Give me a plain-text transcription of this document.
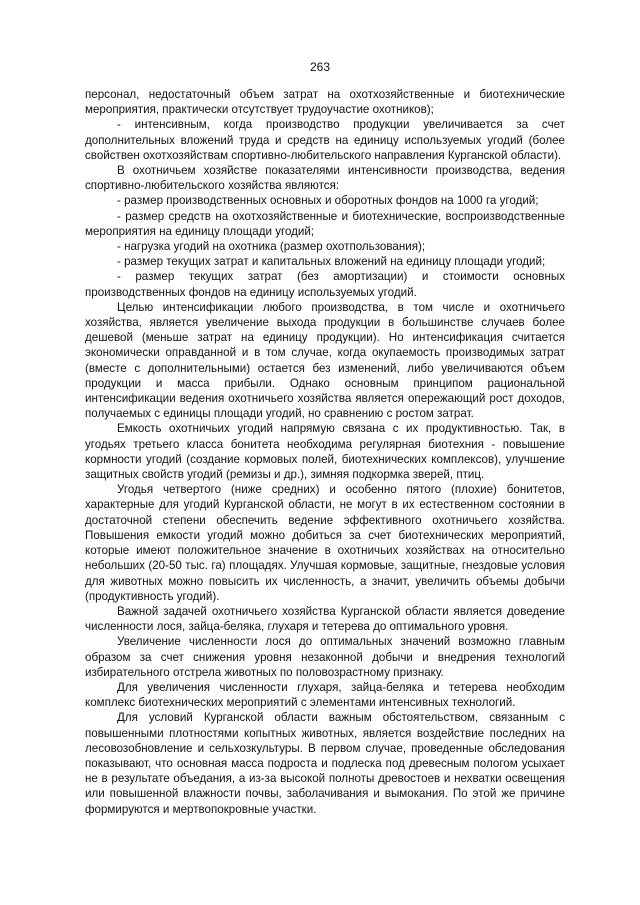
263

персонал, недостаточный объем затрат на охотхозяйственные и биотехнические мероприятия, практически отсутствует трудоучастие охотников);

- интенсивным, когда производство продукции увеличивается за счет дополнительных вложений труда и средств на единицу используемых угодий (более свойствен охотхозяйствам спортивно-любительского направления Курганской области).

В охотничьем хозяйстве показателями интенсивности производства, ведения спортивно-любительского хозяйства являются:

- размер производственных основных и оборотных фондов на 1000 га угодий;

- размер средств на охотхозяйственные и биотехнические, воспроизводственные мероприятия на единицу площади угодий;

- нагрузка угодий на охотника (размер охотпользования);

- размер текущих затрат и капитальных вложений на единицу площади угодий;

- размер текущих затрат (без амортизации) и стоимости основных производственных фондов на единицу используемых угодий.

Целью интенсификации любого производства, в том числе и охотничьего хозяйства, является увеличение выхода продукции в большинстве случаев более дешевой (меньше затрат на единицу продукции). Но интенсификация считается экономически оправданной и в том случае, когда окупаемость производимых затрат (вместе с дополнительными) остается без изменений, либо увеличиваются объем продукции и масса прибыли. Однако основным принципом рациональной интенсификации ведения охотничьего хозяйства является опережающий рост доходов, получаемых с единицы площади угодий, но сравнению с ростом затрат.

Емкость охотничьих угодий напрямую связана с их продуктивностью. Так, в угодьях третьего класса бонитета необходима регулярная биотехния - повышение кормности угодий (создание кормовых полей, биотехнических комплексов), улучшение защитных свойств угодий (ремизы и др.), зимняя подкормка зверей, птиц.

Угодья четвертого (ниже средних) и особенно пятого (плохие) бонитетов, характерные для угодий Курганской области, не могут в их естественном состоянии в достаточной степени обеспечить ведение эффективного охотничьего хозяйства. Повышения емкости угодий можно добиться за счет биотехнических мероприятий, которые имеют положительное значение в охотничьих хозяйствах на относительно небольших (20-50 тыс. га) площадях. Улучшая кормовые, защитные, гнездовые условия для животных можно повысить их численность, а значит, увеличить объемы добычи (продуктивность угодий).

Важной задачей охотничьего хозяйства Курганской области является доведение численности лося, зайца-беляка, глухаря и тетерева до оптимального уровня.

Увеличение численности лося до оптимальных значений возможно главным образом за счет снижения уровня незаконной добычи и внедрения технологий избирательного отстрела животных по половозрастному признаку.

Для увеличения численности глухаря, зайца-беляка и тетерева необходим комплекс биотехнических мероприятий с элементами интенсивных технологий.

Для условий Курганской области важным обстоятельством, связанным с повышенными плотностями копытных животных, является воздействие последних на лесовозобновление и сельхозкультуры. В первом случае, проведенные обследования показывают, что основная масса подроста и подлеска под древесным пологом усыхает не в результате объедания, а из-за высокой полноты древостоев и нехватки освещения или повышенной влажности почвы, заболачивания и вымокания. По этой же причине формируются и мертвопокровные участки.
